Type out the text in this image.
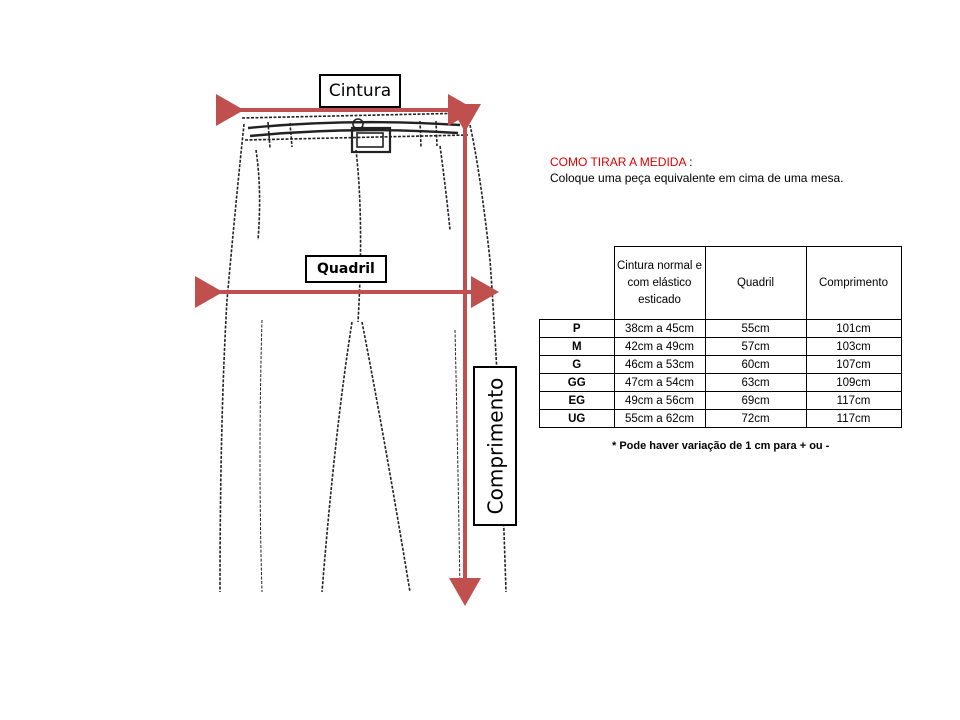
Cintura
Quadril
Comprimento
COMO TIRAR A MEDIDA :
Coloque uma peça equivalente em cima de uma mesa.
	Cintura normal e com elástico esticado	Quadril	Comprimento
P	38cm a 45cm	55cm	101cm
M	42cm a 49cm	57cm	103cm
G	46cm a 53cm	60cm	107cm
GG	47cm a 54cm	63cm	109cm
EG	49cm a 56cm	69cm	117cm
UG	55cm a 62cm	72cm	117cm
* Pode haver variação de 1 cm para + ou -
